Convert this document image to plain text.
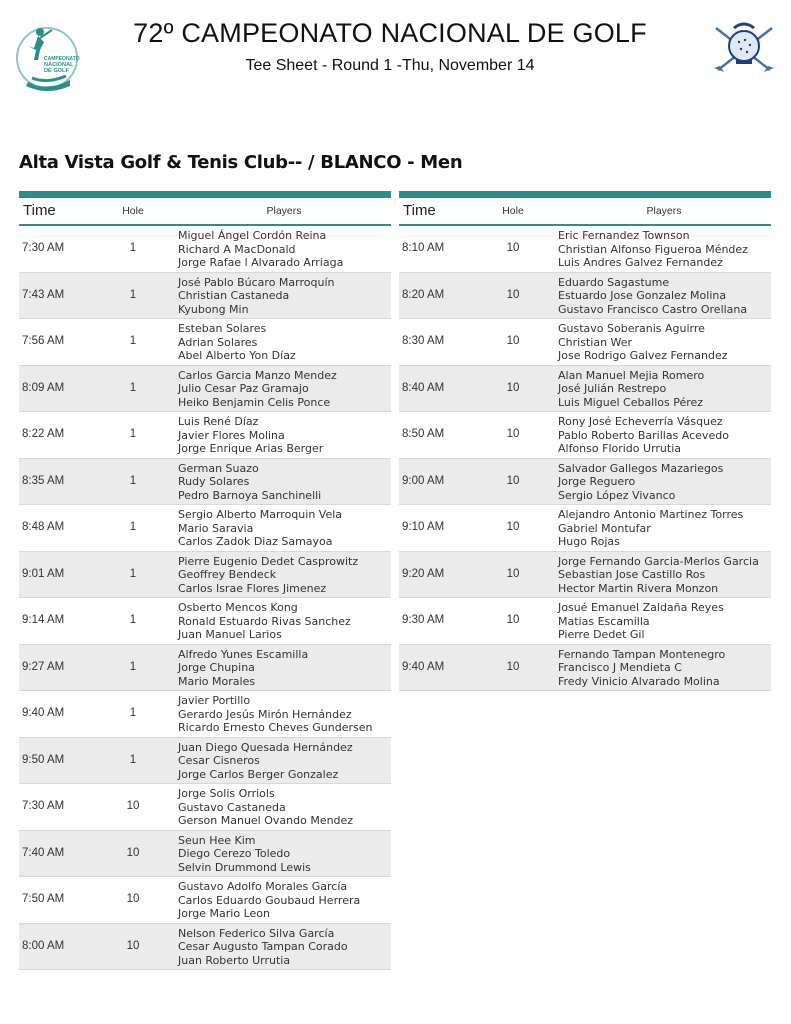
CAMPEONATO
NACIONAL
DE GOLF
72º CAMPEONATO NACIONAL DE GOLF
Tee Sheet - Round 1 -Thu, November 14
Alta Vista Golf & Tenis Club-- / BLANCO - Men
Time	Hole	Players
7:30 AM	1
Miguel Ángel Cordón Reina
Richard A MacDonald
Jorge Rafae l Alvarado Arriaga
7:43 AM	1
José Pablo Búcaro Marroquín
Christian Castaneda
Kyubong Min
7:56 AM	1
Esteban Solares
Adrian Solares
Abel Alberto Yon Díaz
8:09 AM	1
Carlos Garcia Manzo Mendez
Julio Cesar Paz Gramajo
Heiko Benjamin Celis Ponce
8:22 AM	1
Luis René Díaz
Javier Flores Molina
Jorge Enrique Arias Berger
8:35 AM	1
German Suazo
Rudy Solares
Pedro Barnoya Sanchinelli
8:48 AM	1
Sergio Alberto Marroquin Vela
Mario Saravia
Carlos Zadok Diaz Samayoa
9:01 AM	1
Pierre Eugenio Dedet Casprowitz
Geoffrey Bendeck
Carlos Israe Flores Jimenez
9:14 AM	1
Osberto Mencos Kong
Ronald Estuardo Rivas Sanchez
Juan Manuel Larios
9:27 AM	1
Alfredo Yunes Escamilla
Jorge Chupina
Mario Morales
9:40 AM	1
Javier Portillo
Gerardo Jesús Mirón Hernández
Ricardo Ernesto Cheves Gundersen
9:50 AM	1
Juan Diego Quesada Hernández
Cesar Cisneros
Jorge Carlos Berger Gonzalez
7:30 AM	10
Jorge Solis Orriols
Gustavo Castaneda
Gerson Manuel Ovando Mendez
7:40 AM	10
Seun Hee Kim
Diego Cerezo Toledo
Selvin Drummond Lewis
7:50 AM	10
Gustavo Adolfo Morales García
Carlos Eduardo Goubaud Herrera
Jorge Mario Leon
8:00 AM	10
Nelson Federico Silva García
Cesar Augusto Tampan Corado
Juan Roberto Urrutia
Time	Hole	Players
8:10 AM	10
Eric Fernandez Townson
Christian Alfonso Figueroa Méndez
Luis Andres Galvez Fernandez
8:20 AM	10
Eduardo Sagastume
Estuardo Jose Gonzalez Molina
Gustavo Francisco Castro Orellana
8:30 AM	10
Gustavo Soberanis Aguirre
Christian Wer
Jose Rodrigo Galvez Fernandez
8:40 AM	10
Alan Manuel Mejia Romero
José Julián Restrepo
Luis Miguel Ceballos Pérez
8:50 AM	10
Rony José Echeverría Vásquez
Pablo Roberto Barillas Acevedo
Alfonso Florido Urrutia
9:00 AM	10
Salvador Gallegos Mazariegos
Jorge Reguero
Sergio López Vivanco
9:10 AM	10
Alejandro Antonio Martinez Torres
Gabriel Montufar
Hugo Rojas
9:20 AM	10
Jorge Fernando Garcia-Merlos Garcia
Sebastian Jose Castillo Ros
Hector Martin Rivera Monzon
9:30 AM	10
Josué Emanuel Zaldaña Reyes
Matias Escamilla
Pierre Dedet Gil
9:40 AM	10
Fernando Tampan Montenegro
Francisco J Mendieta C
Fredy Vinicio Alvarado Molina
